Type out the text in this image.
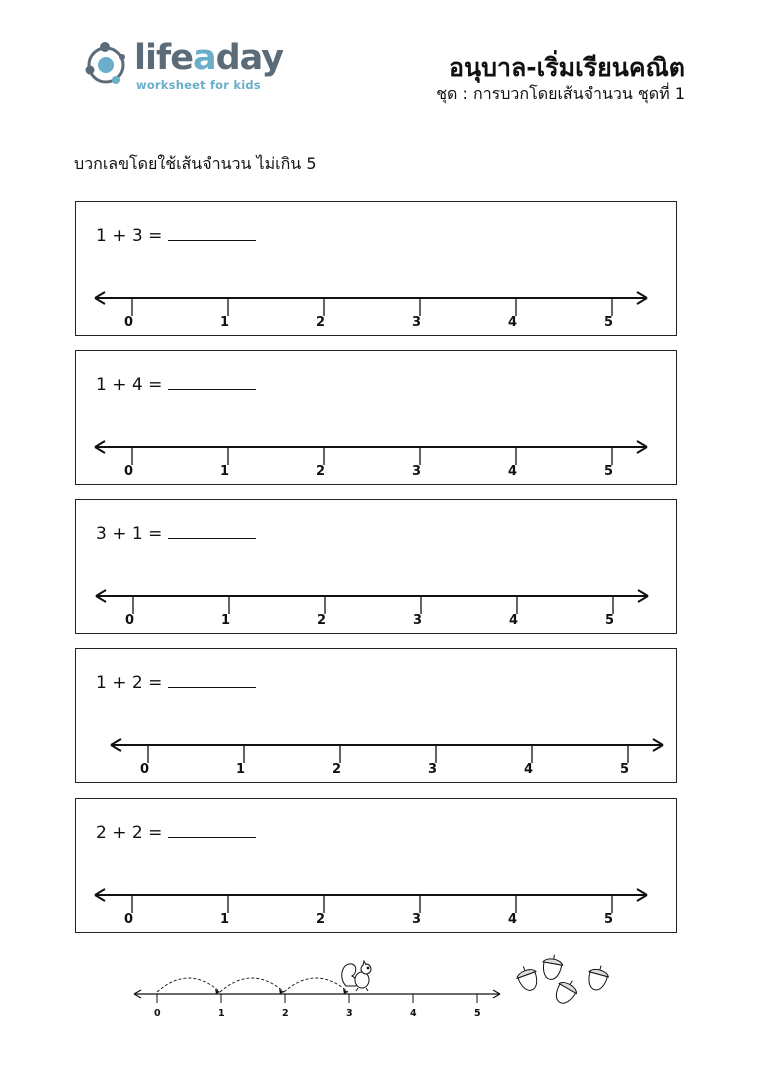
lifeaday
worksheet for kids
อนุบาล-เริ่มเรียนคณิต
ชุด : การบวกโดยเส้นจำนวน ชุดที่ 1
บวกเลขโดยใช้เส้นจำนวน ไม่เกิน 5
1 + 3 =
0	1	2	3	4	5
1 + 4 =
0	1	2	3	4	5
3 + 1 =
0	1	2	3	4	5
1 + 2 =
0	1	2	3	4	5
2 + 2 =
0	1	2	3	4	5
0	1	2	3	4	5
